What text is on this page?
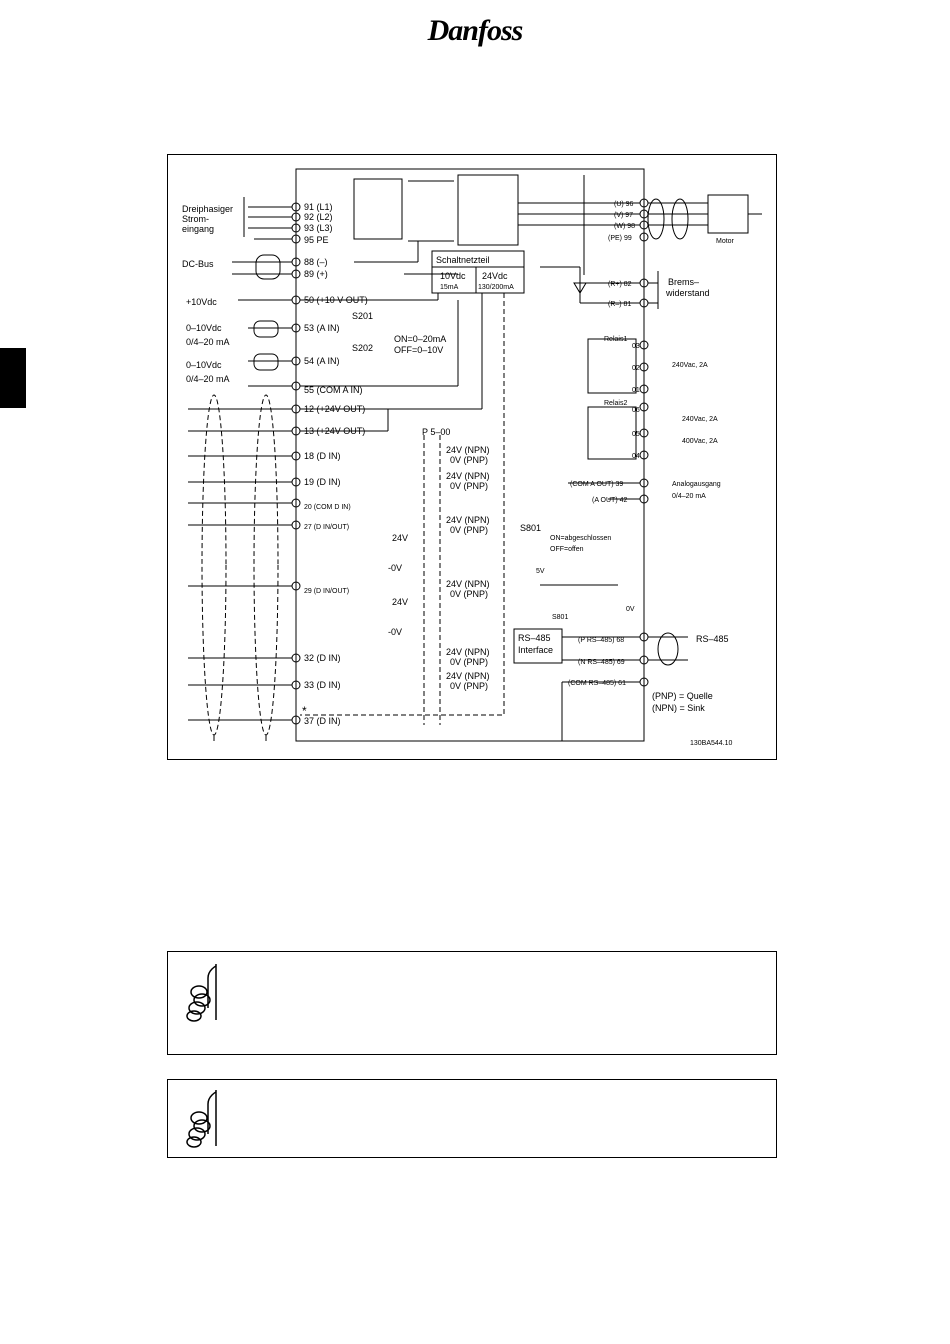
Danfoss
Dreiphasiger
Strom-
eingang
DC-Bus
+10Vdc
0–10Vdc
0/4–20 mA
0–10Vdc
0/4–20 mA
91 (L1)
92 (L2)
93 (L3)
95 PE
88 (–)
89 (+)
50 (+10 V OUT)
53 (A IN)
54 (A IN)
55 (COM A IN)
12 (+24V OUT)
13 (+24V OUT)
18 (D IN)
19 (D IN)
20 (COM D IN)
27 (D IN/OUT)
29 (D IN/OUT)
32 (D IN)
33 (D IN)
*
37 (D IN)
S201
S202
ON=0–20mA
OFF=0–10V
Schaltnetzteil
10Vdc
15mA
24Vdc
130/200mA
P 5–00
24V (NPN)
0V (PNP)
24V (NPN)
0V (PNP)
24V (NPN)
0V (PNP)
24V
-0V
24V (NPN)
0V (PNP)
24V
-0V
24V (NPN)
0V (PNP)
24V (NPN)
0V (PNP)
(U) 96
(V) 97
(W) 98
(PE) 99	Motor
(R+) 82
(R–) 81
Brems–
widerstand
Relais1
03
02
01
240Vac, 2A
Relais2
06
05
04
240Vac, 2A
400Vac, 2A
(COM A OUT) 39
(A OUT) 42
Analogausgang
0/4–20 mA
S801
ON=abgeschlossen
OFF=offen
5V
0V
S801
RS–485
Interface
(P RS–485) 68
(N RS–485) 69
(COM RS–485) 61
RS–485
(PNP) = Quelle
(NPN) = Sink
130BA544.10
